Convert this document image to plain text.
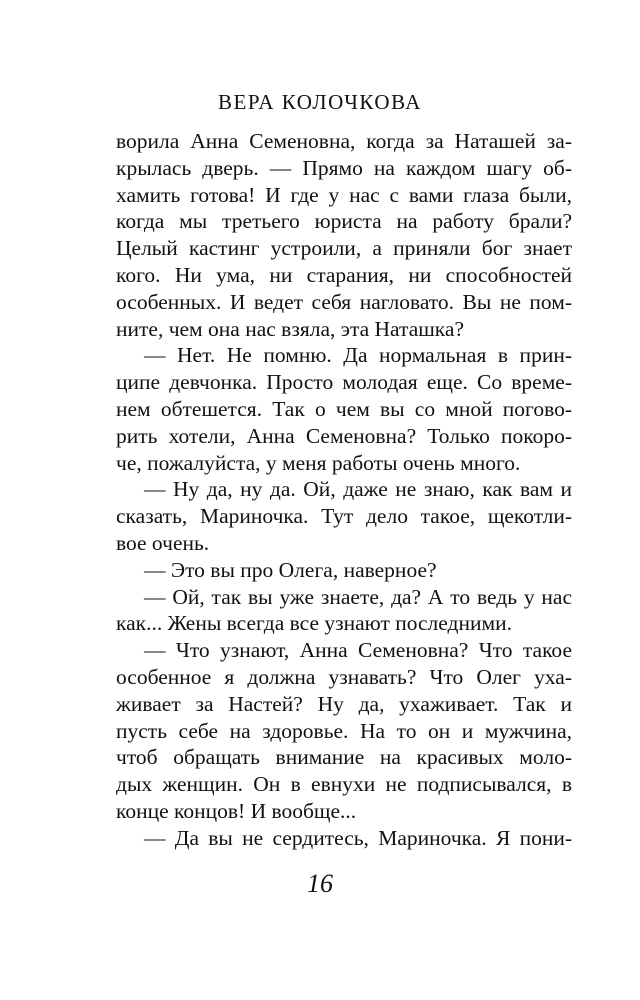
ВЕРА КОЛОЧКОВА
ворила Анна Семеновна, когда за Наташей за-
крылась дверь. — Прямо на каждом шагу об-
хамить готова! И где у нас с вами глаза были,
когда мы третьего юриста на работу брали?
Целый кастинг устроили, а приняли бог знает
кого. Ни ума, ни старания, ни способностей
особенных. И ведет себя нагловато. Вы не пом-
ните, чем она нас взяла, эта Наташка?
— Нет. Не помню. Да нормальная в прин-
ципе девчонка. Просто молодая еще. Со време-
нем обтешется. Так о чем вы со мной погово-
рить хотели, Анна Семеновна? Только покоро-
че, пожалуйста, у меня работы очень много.
— Ну да, ну да. Ой, даже не знаю, как вам и
сказать, Мариночка. Тут дело такое, щекотли-
вое очень.
— Это вы про Олега, наверное?
— Ой, так вы уже знаете, да? А то ведь у нас
как... Жены всегда все узнают последними.
— Что узнают, Анна Семеновна? Что такое
особенное я должна узнавать? Что Олег уха-
живает за Настей? Ну да, ухаживает. Так и
пусть себе на здоровье. На то он и мужчина,
чтоб обращать внимание на красивых моло-
дых женщин. Он в евнухи не подписывался, в
конце концов! И вообще...
— Да вы не сердитесь, Мариночка. Я пони-
16
